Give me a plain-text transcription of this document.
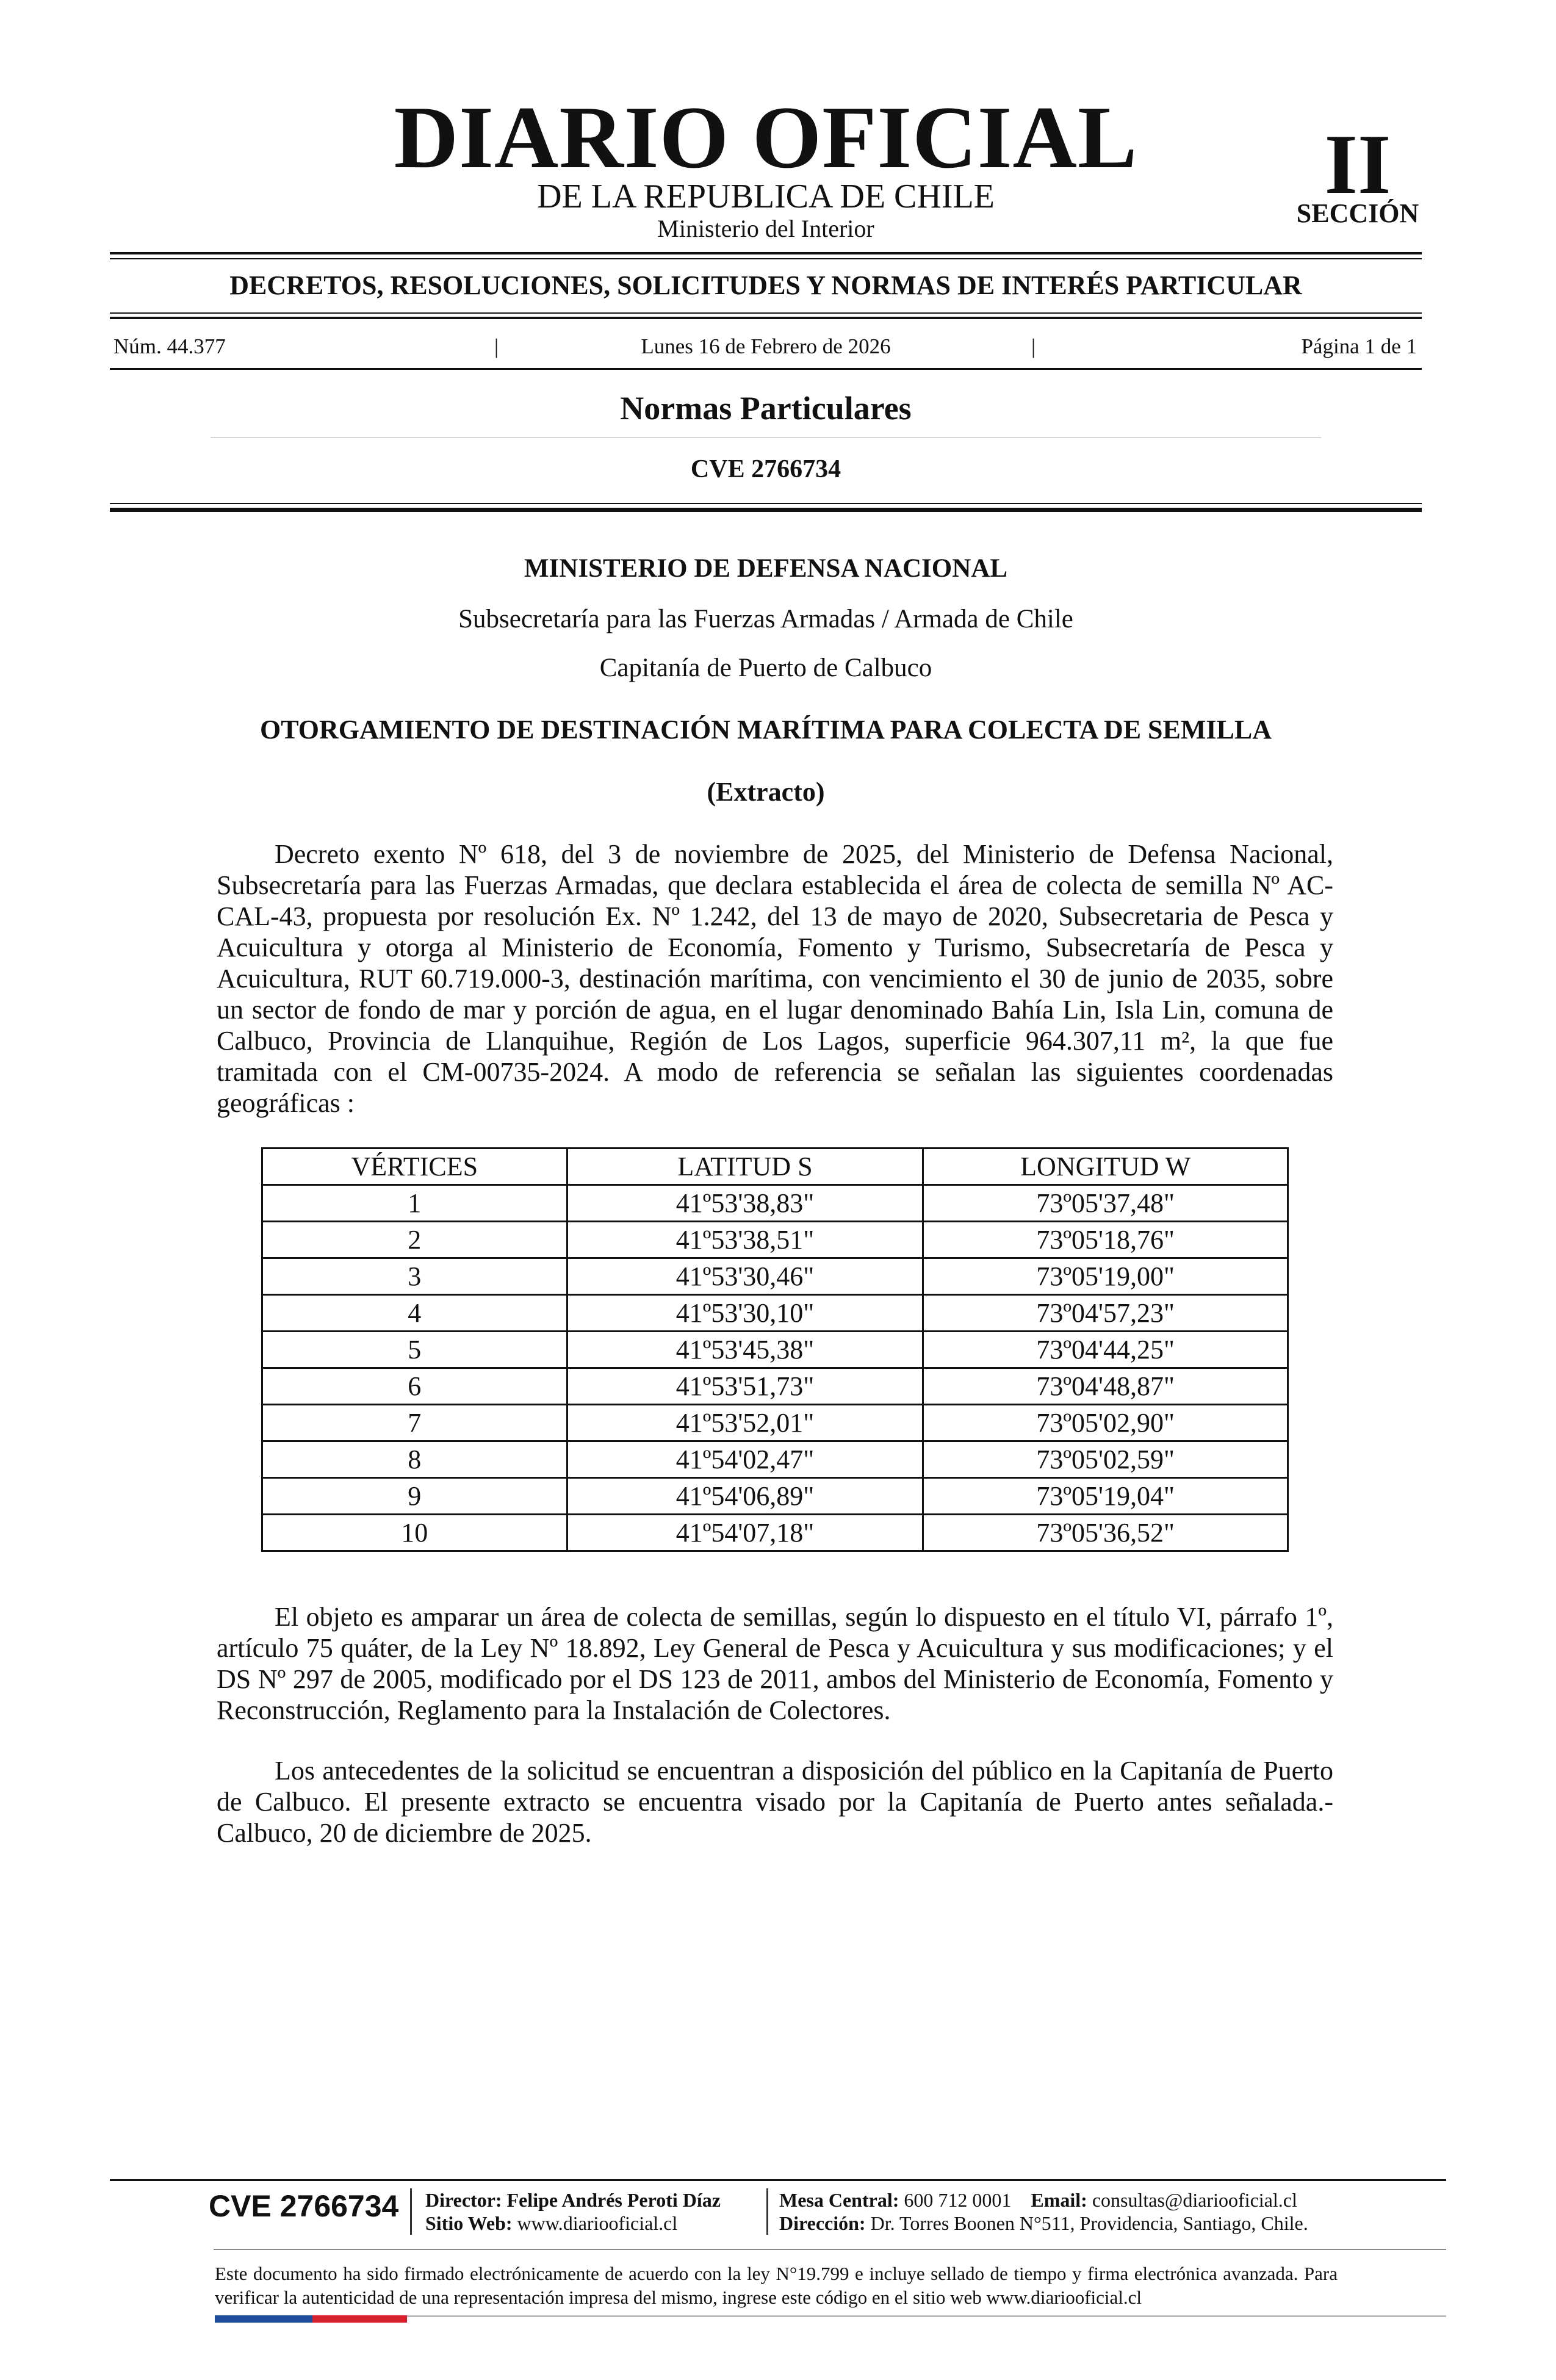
DIARIO OFICIAL
DE LA REPUBLICA DE CHILE
Ministerio del Interior
II
SECCIÓN
DECRETOS, RESOLUCIONES, SOLICITUDES Y NORMAS DE INTERÉS PARTICULAR
Núm. 44.377	|	Lunes 16 de Febrero de 2026	|	Página 1 de 1
Normas Particulares
CVE 2766734
MINISTERIO DE DEFENSA NACIONAL
Subsecretaría para las Fuerzas Armadas / Armada de Chile
Capitanía de Puerto de Calbuco
OTORGAMIENTO DE DESTINACIÓN MARÍTIMA PARA COLECTA DE SEMILLA
(Extracto)

Decreto exento Nº 618, del 3 de noviembre de 2025, del Ministerio de Defensa Nacional, Subsecretaría para las Fuerzas Armadas, que declara establecida el área de colecta de semilla Nº AC-CAL-43, propuesta por resolución Ex. Nº 1.242, del 13 de mayo de 2020, Subsecretaria de Pesca y Acuicultura y otorga al Ministerio de Economía, Fomento y Turismo, Subsecretaría de Pesca y Acuicultura, RUT 60.719.000-3, destinación marítima, con vencimiento el 30 de junio de 2035, sobre un sector de fondo de mar y porción de agua, en el lugar denominado Bahía Lin, Isla Lin, comuna de Calbuco, Provincia de Llanquihue, Región de Los Lagos, superficie 964.307,11 m², la que fue tramitada con el CM-00735-2024. A modo de referencia se señalan las siguientes coordenadas geográficas :

VÉRTICES	LATITUD S	LONGITUD W
1	41º53'38,83"	73º05'37,48"
2	41º53'38,51"	73º05'18,76"
3	41º53'30,46"	73º05'19,00"
4	41º53'30,10"	73º04'57,23"
5	41º53'45,38"	73º04'44,25"
6	41º53'51,73"	73º04'48,87"
7	41º53'52,01"	73º05'02,90"
8	41º54'02,47"	73º05'02,59"
9	41º54'06,89"	73º05'19,04"
10	41º54'07,18"	73º05'36,52"

El objeto es amparar un área de colecta de semillas, según lo dispuesto en el título VI, párrafo 1º, artículo 75 quáter, de la Ley Nº 18.892, Ley General de Pesca y Acuicultura y sus modificaciones; y el DS Nº 297 de 2005, modificado por el DS 123 de 2011, ambos del Ministerio de Economía, Fomento y Reconstrucción, Reglamento para la Instalación de Colectores.

Los antecedentes de la solicitud se encuentran a disposición del público en la Capitanía de Puerto de Calbuco. El presente extracto se encuentra visado por la Capitanía de Puerto antes señalada.- Calbuco, 20 de diciembre de 2025.

CVE 2766734 Director: Felipe Andrés Peroti Díaz
Sitio Web: www.diariooficial.cl
Mesa Central: 600 712 0001 Email: consultas@diariooficial.cl
Dirección: Dr. Torres Boonen N°511, Providencia, Santiago, Chile.

Este documento ha sido firmado electrónicamente de acuerdo con la ley N°19.799 e incluye sellado de tiempo y firma electrónica avanzada. Para verificar la autenticidad de una representación impresa del mismo, ingrese este código en el sitio web www.diariooficial.cl
